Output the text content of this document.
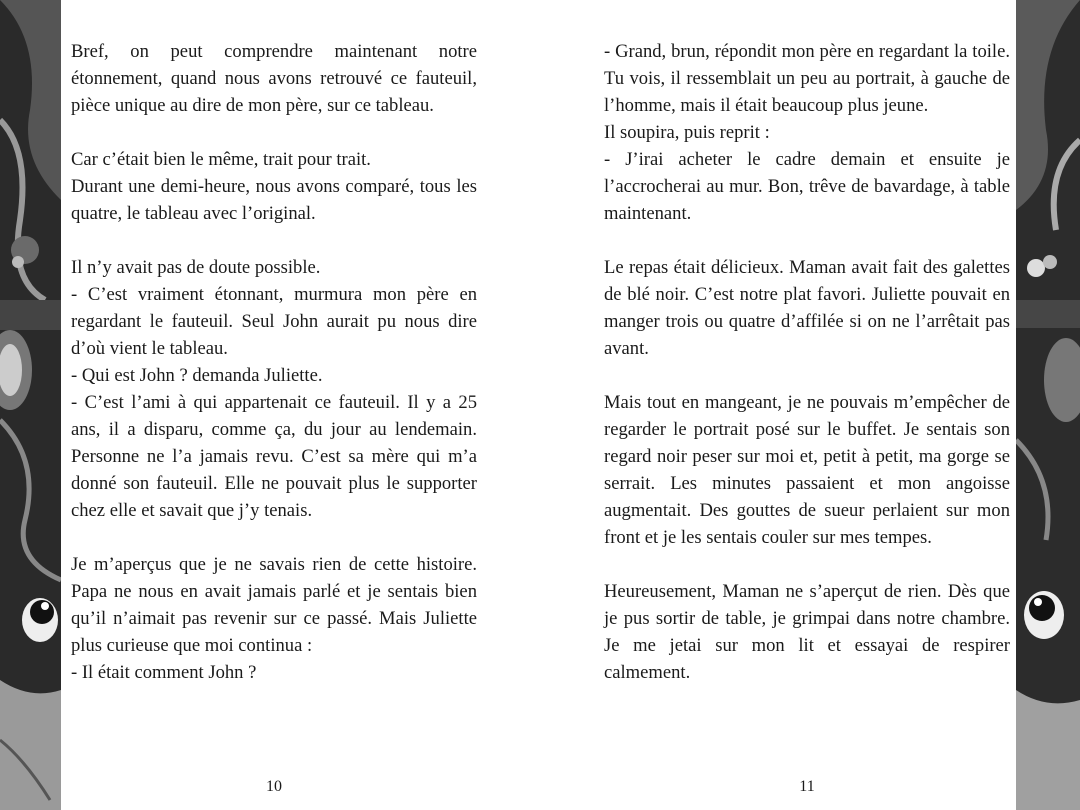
Bref, on peut comprendre maintenant notre étonnement, quand nous avons retrouvé ce fauteuil, pièce unique au dire de mon père, sur ce tableau.

Car c’était bien le même, trait pour trait.

Durant une demi-heure, nous avons comparé, tous les quatre, le tableau avec l’original.

Il n’y avait pas de doute possible.

- C’est vraiment étonnant, murmura mon père en regardant le fauteuil. Seul John aurait pu nous dire d’où vient le tableau.

- Qui est John ? demanda Juliette.

- C’est l’ami à qui appartenait ce fauteuil. Il y a 25 ans, il a disparu, comme ça, du jour au lendemain. Personne ne l’a jamais revu. C’est sa mère qui m’a donné son fauteuil. Elle ne pouvait plus le supporter chez elle et savait que j’y tenais.

Je m’aperçus que je ne savais rien de cette histoire. Papa ne nous en avait jamais parlé et je sentais bien qu’il n’aimait pas revenir sur ce passé. Mais Juliette plus curieuse que moi continua :

- Il était comment John ?

- Grand, brun, répondit mon père en regardant la toile. Tu vois, il ressemblait un peu au portrait, à gauche de l’homme, mais il était beaucoup plus jeune.

Il soupira, puis reprit :

- J’irai acheter le cadre demain et ensuite je l’accrocherai au mur. Bon, trêve de bavardage, à table maintenant.

Le repas était délicieux. Maman avait fait des galettes de blé noir. C’est notre plat favori. Juliette pouvait en manger trois ou quatre d’affilée si on ne l’arrêtait pas avant.

Mais tout en mangeant, je ne pouvais m’empêcher de regarder le portrait posé sur le buffet. Je sentais son regard noir peser sur moi et, petit à petit, ma gorge se serrait. Les minutes passaient et mon angoisse augmentait. Des gouttes de sueur perlaient sur mon front et je les sentais couler sur mes tempes.

Heureusement, Maman ne s’aperçut de rien. Dès que je pus sortir de table, je grimpai dans notre chambre. Je me jetai sur mon lit et essayai de respirer calmement.

10	11
